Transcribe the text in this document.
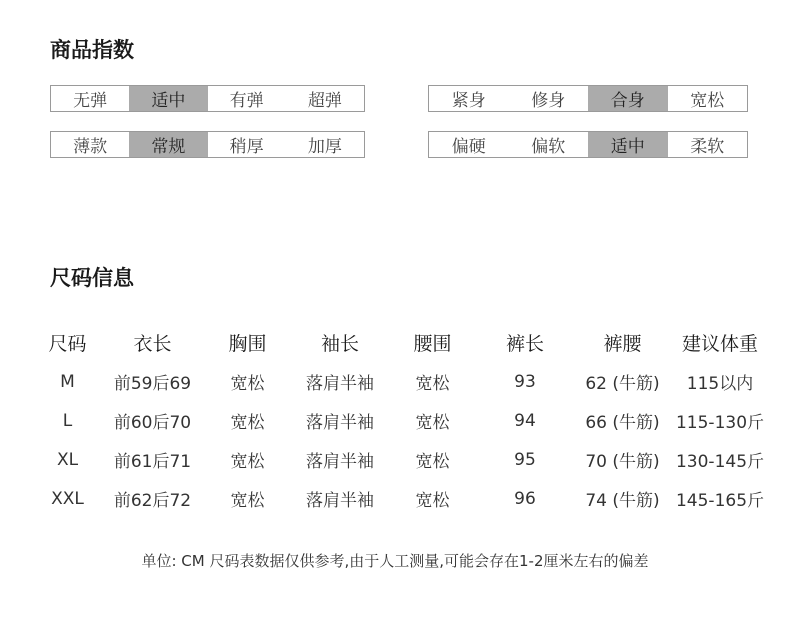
商品指数
无弹	适中	有弹	超弹	紧身	修身	合身	宽松
薄款	常规	稍厚	加厚	偏硬	偏软	适中	柔软
尺码信息
尺码	衣长	胸围	袖长	腰围	裤长	裤腰	建议体重
M	前59后69	宽松	落肩半袖	宽松	93	62 (牛筋)	115以内
L	前60后70	宽松	落肩半袖	宽松	94	66 (牛筋)	115-130斤
XL	前61后71	宽松	落肩半袖	宽松	95	70 (牛筋)	130-145斤
XXL	前62后72	宽松	落肩半袖	宽松	96	74 (牛筋)	145-165斤
单位: CM 尺码表数据仅供参考,由于人工测量,可能会存在1-2厘米左右的偏差
